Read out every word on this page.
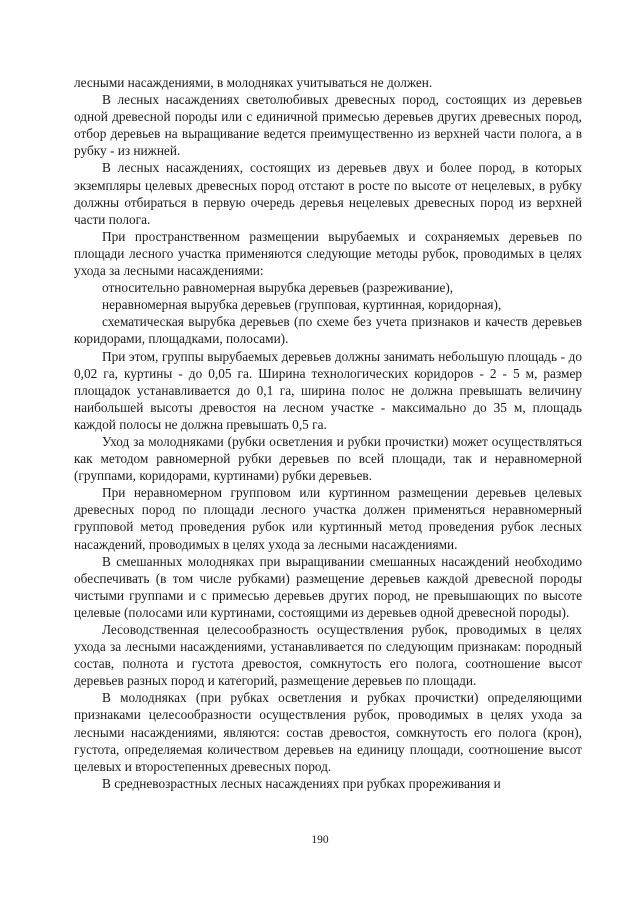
лесными насаждениями, в молодняках учитываться не должен.

В лесных насаждениях светолюбивых древесных пород, состоящих из деревьев одной древесной породы или с единичной примесью деревьев других древесных пород, отбор деревьев на выращивание ведется преимущественно из верхней части полога, а в рубку - из нижней.

В лесных насаждениях, состоящих из деревьев двух и более пород, в которых экземпляры целевых древесных пород отстают в росте по высоте от нецелевых, в рубку должны отбираться в первую очередь деревья нецелевых древесных пород из верхней части полога.

При пространственном размещении вырубаемых и сохраняемых деревьев по площади лесного участка применяются следующие методы рубок, проводимых в целях ухода за лесными насаждениями:

относительно равномерная вырубка деревьев (разреживание),

неравномерная вырубка деревьев (групповая, куртинная, коридорная),

схематическая вырубка деревьев (по схеме без учета признаков и качеств деревьев коридорами, площадками, полосами).

При этом, группы вырубаемых деревьев должны занимать небольшую площадь - до 0,02 га, куртины - до 0,05 га. Ширина технологических коридоров - 2 - 5 м, размер площадок устанавливается до 0,1 га, ширина полос не должна превышать величину наибольшей высоты древостоя на лесном участке - максимально до 35 м, площадь каждой полосы не должна превышать 0,5 га.

Уход за молодняками (рубки осветления и рубки прочистки) может осуществляться как методом равномерной рубки деревьев по всей площади, так и неравномерной (группами, коридорами, куртинами) рубки деревьев.

При неравномерном групповом или куртинном размещении деревьев целевых древесных пород по площади лесного участка должен применяться неравномерный групповой метод проведения рубок или куртинный метод проведения рубок лесных насаждений, проводимых в целях ухода за лесными насаждениями.

В смешанных молодняках при выращивании смешанных насаждений необходимо обеспечивать (в том числе рубками) размещение деревьев каждой древесной породы чистыми группами и с примесью деревьев других пород, не превышающих по высоте целевые (полосами или куртинами, состоящими из деревьев одной древесной породы).

Лесоводственная целесообразность осуществления рубок, проводимых в целях ухода за лесными насаждениями, устанавливается по следующим признакам: породный состав, полнота и густота древостоя, сомкнутость его полога, соотношение высот деревьев разных пород и категорий, размещение деревьев по площади.

В молодняках (при рубках осветления и рубках прочистки) определяющими признаками целесообразности осуществления рубок, проводимых в целях ухода за лесными насаждениями, являются: состав древостоя, сомкнутость его полога (крон), густота, определяемая количеством деревьев на единицу площади, соотношение высот целевых и второстепенных древесных пород.

В средневозрастных лесных насаждениях при рубках прореживания и

190
